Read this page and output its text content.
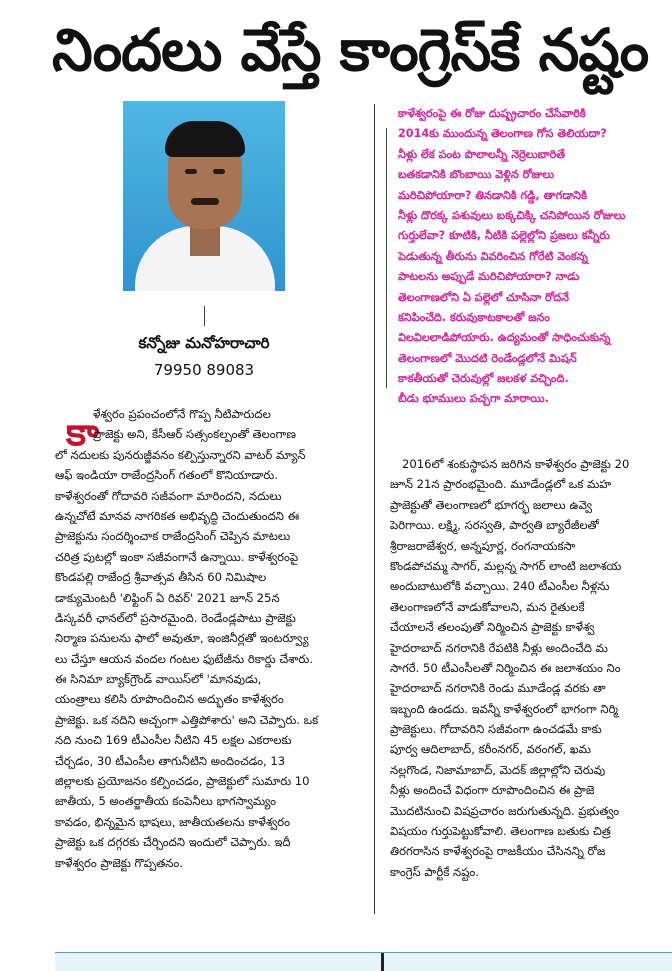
నిందలు వేస్తే కాంగ్రెస్‌కే నష్టం
కన్నోజు మనోహరాచారి
79950 89083
కాళేశ్వరంపై ఈ రోజు దుష్ప్రచారం చేసేవారికి
2014కు ముందున్న తెలంగాణ గోస తెలియదా?
నీళ్లు లేక పంట పొలాలన్నీ నెర్రెలుబారితే
బతకడానికి బొంబాయి వెళ్లిన రోజులు
మరిచిపోయారా? తినడానికి గడ్డి, తాగడానికి
నీళ్లు దొరక్క పశువులు బక్కచిక్కి చనిపోయిన రోజులు
గుర్తులేవా? కూటికి, నీటికి పల్లెల్లోని ప్రజలు కన్నీరు
పెడుతున్న తీరును వివరించిన గోరేటి వెంకన్న
పాటలను అప్పుడే మరిచిపోయారా? నాడు
తెలంగాణలోని ఏ పల్లెలో చూసినా రోదనే
కనిపించేది. కరువుకాటకాలతో జనం
విలవిలలాడిపోయారు. ఉద్యమంతో సాధించుకున్న
తెలంగాణలో మొదటి రెండేండ్లలోనే మిషన్
కాకతీయతో చెరువుల్లో జలకళ వచ్చింది.
బీడు భూములు పచ్చగా మారాయి.
కా
ళేశ్వరం ప్రపంచంలోనే గొప్ప నీటిపారుదల
ప్రాజెక్టు అని, కేసీఆర్ సత్సంకల్పంతో తెలంగాణ
లో నదులకు పునరుజ్జీవనం కల్పిస్తున్నారని వాటర్ మ్యాన్
ఆఫ్ ఇండియా రాజేంద్రసింగ్ గతంలో కొనియాడారు.
కాళేశ్వరంతో గోదావరి సజీవంగా మారిందని, నదులు
ఉన్నచోటే మానవ నాగరికత అభివృద్ధి చెందుతుందని ఈ
ప్రాజెక్టును సందర్శించాక రాజేంద్రసింగ్ చెప్పిన మాటలు
చరిత్ర పుటల్లో ఇంకా సజీవంగానే ఉన్నాయి. కాళేశ్వరంపై
కొండపల్లి రాజేంద్ర శ్రీవాత్సవ తీసిన 60 నిమిషాల
డాక్యుమెంటరీ 'లిఫ్టింగ్ ఏ రివర్' 2021 జూన్ 25న
డిస్కవరీ ఛానల్‌లో ప్రసారమైంది. రెండేండ్లపాటు ప్రాజెక్టు
నిర్మాణ పనులను ఫాలో అవుతూ, ఇంజినీర్లతో ఇంటర్వ్యూ
లు చేస్తూ ఆయన వందల గంటల ఫుటేజీను రికార్డు చేశారు.
ఈ సినిమా బ్యాక్‌గ్రౌండ్ వాయిస్‌లో 'మానవుడు,
యంత్రాలు కలిసి రూపొందించిన అద్భుతం కాళేశ్వరం
ప్రాజెక్టు. ఒక నదిని అచ్చంగా ఎత్తిపోశారు' అని చెప్పారు. ఒక
నది నుంచి 169 టీఎంసీల నీటిని 45 లక్షల ఎకరాలకు
చేర్చడం, 30 టీఎంసీల తాగునీటిని అందించడం, 13
జిల్లాలకు ప్రయోజనం కల్పించడం, ప్రాజెక్టులో సుమారు 10
జాతీయ, 5 అంతర్జాతీయ కంపెనీలు భాగస్వామ్యం
కావడం, భిన్నమైన భాషలు, జాతీయతలను కాళేశ్వరం
ప్రాజెక్టు ఒక దగ్గరకు చేర్చిందని ఇందులో చెప్పారు. ఇదీ
కాళేశ్వరం ప్రాజెక్టు గొప్పతనం.
2016లో శంకుస్థాపన జరిగిన కాళేశ్వరం ప్రాజెక్టు 20
జూన్ 21న ప్రారంభమైంది. మూడేండ్లలో ఒక మహ
ప్రాజెక్టుతో తెలంగాణలో భూగర్భ జలాలు ఉవ్వె
పెరిగాయి. లక్ష్మి, సరస్వతి, పార్వతి బ్యారేజీలతో
శ్రీరాజరాజేశ్వర, అన్నపూర్ణ, రంగనాయకసా
కొండపోచమ్మ సాగర్, మల్లన్న సాగర్ లాంటి జలాశయ
అందుబాటులోకి వచ్చాయి. 240 టీఎంసీల నీళ్లను
తెలంగాణలోనే వాడుకోవాలని, మన రైతులకే
చేయాలనే తలంపుతో నిర్మించిన ప్రాజెక్టు కాళేశ్వ
హైదరాబాద్ నగరానికి రేపటికి నీళ్లు అందించేది మ
సాగరే. 50 టీఎంసీలతో నిర్మించిన ఈ జలాశయం నిం
హైదరాబాద్ నగరానికి రెండు మూడేండ్ల వరకు తా
ఇబ్బంది ఉండదు. ఇవన్నీ కాళేశ్వరంలో భాగంగా నిర్మి
ప్రాజెక్టులు. గోదావరిని సజీవంగా ఉంచడమే కాకు
పూర్వ ఆదిలాబాద్, కరీంనగర్, వరంగల్, ఖమ
నల్లగొండ, నిజామాబాద్, మెదక్ జిల్లాల్లోని చెరువు
నీళ్లు అందించే విధంగా రూపొందించిన ఈ ప్రాజె
మొదటినుంచి విషప్రచారం జరుగుతున్నది. ప్రభుత్వం
విషయం గుర్తుపెట్టుకోవాలి. తెలంగాణ బతుకు చిత్ర
తిరగరాసిన కాళేశ్వరంపై రాజకీయం చేసినన్ని రోజ
కాంగ్రెస్ పార్టీకే నష్టం.
